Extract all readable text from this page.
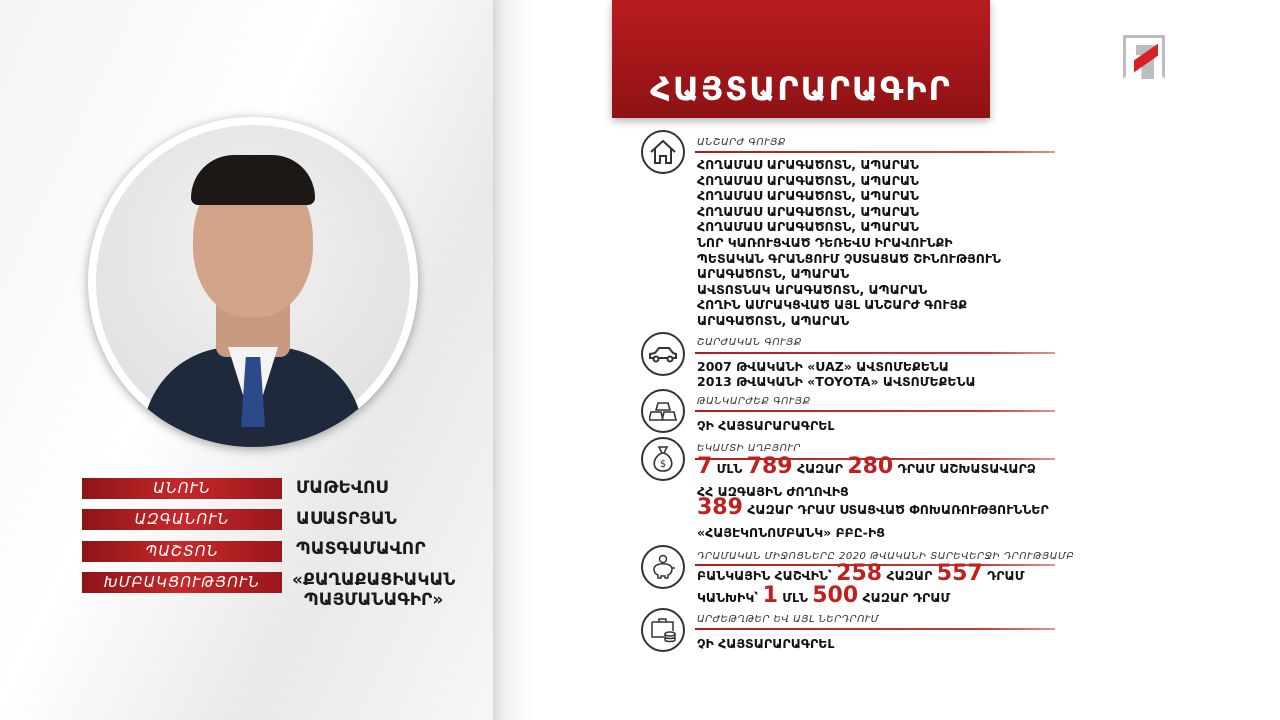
ԱՆՈՒՆ	ՄԱԹԵՎՈՍ
ԱԶԳԱՆՈՒՆ	ԱՍԱՏՐՅԱՆ
ՊԱՇՏՈՆ	ՊԱՏԳԱՄԱՎՈՐ
ԽՄԲԱԿՑՈՒԹՅՈՒՆ	«ՔԱՂԱՔԱՑԻԱԿԱՆ
ՊԱՅՄԱՆԱԳԻՐ»
ՀԱՅՏԱՐԱՐԱԳԻՐ
ԱՆՇԱՐԺ ԳՈՒՅՔ
ՀՈՂԱՄԱՍ ԱՐԱԳԱԾՈՏՆ, ԱՊԱՐԱՆ
ՀՈՂԱՄԱՍ ԱՐԱԳԱԾՈՏՆ, ԱՊԱՐԱՆ
ՀՈՂԱՄԱՍ ԱՐԱԳԱԾՈՏՆ, ԱՊԱՐԱՆ
ՀՈՂԱՄԱՍ ԱՐԱԳԱԾՈՏՆ, ԱՊԱՐԱՆ
ՀՈՂԱՄԱՍ ԱՐԱԳԱԾՈՏՆ, ԱՊԱՐԱՆ
ՆՈՐ ԿԱՌՈՒՑՎԱԾ ԴԵՌԵՎՍ ԻՐԱՎՈՒՆՔԻ
ՊԵՏԱԿԱՆ ԳՐԱՆՑՈՒՄ ՉՍՏԱՑԱԾ ՇԻՆՈՒԹՅՈՒՆ
ԱՐԱԳԱԾՈՏՆ, ԱՊԱՐԱՆ
ԱՎՏՈՏՆԱԿ ԱՐԱԳԱԾՈՏՆ, ԱՊԱՐԱՆ
ՀՈՂԻՆ ԱՄՐԱԿՑՎԱԾ ԱՅԼ ԱՆՇԱՐԺ ԳՈՒՅՔ
ԱՐԱԳԱԾՈՏՆ, ԱՊԱՐԱՆ
ՇԱՐԺԱԿԱՆ ԳՈՒՅՔ
2007 ԹՎԱԿԱՆԻ «UAZ» ԱՎՏՈՄԵՔԵՆԱ
2013 ԹՎԱԿԱՆԻ «TOYOTA» ԱՎՏՈՄԵՔԵՆԱ
ԹԱՆԿԱՐԺԵՔ ԳՈՒՅՔ
ՉԻ ՀԱՅՏԱՐԱՐԱԳՐԵԼ
$
ԵԿԱՄՏԻ ԱՂԲՅՈՒՐ
7 ՄԼՆ 789 ՀԱԶԱՐ 280 ԴՐԱՄ ԱՇԽԱՏԱՎԱՐՁ
ՀՀ ԱԶԳԱՅԻՆ ԺՈՂՈՎԻՑ
389 ՀԱԶԱՐ ԴՐԱՄ ՍՏԱՑՎԱԾ ՓՈԽԱՌՈՒԹՅՈՒՆՆԵՐ
«ՀԱՅԷԿՈՆՈՄԲԱՆԿ» ԲԲԸ-ԻՑ
ԴՐԱՄԱԿԱՆ ՄԻՋՈՑՆԵՐԸ 2020 ԹՎԱԿԱՆԻ ՏԱՐԵՎԵՐՋԻ ԴՐՈՒԹՅԱՄԲ
ԲԱՆԿԱՅԻՆ ՀԱՇՎԻՆ՝ 258 ՀԱԶԱՐ 557 ԴՐԱՄ
ԿԱՆԽԻԿ՝ 1 ՄԼՆ 500 ՀԱԶԱՐ ԴՐԱՄ
ԱՐԺԵԹՂԹԵՐ ԵՎ ԱՅԼ ՆԵՐԴՐՈՒՄ
ՉԻ ՀԱՅՏԱՐԱՐԱԳՐԵԼ
